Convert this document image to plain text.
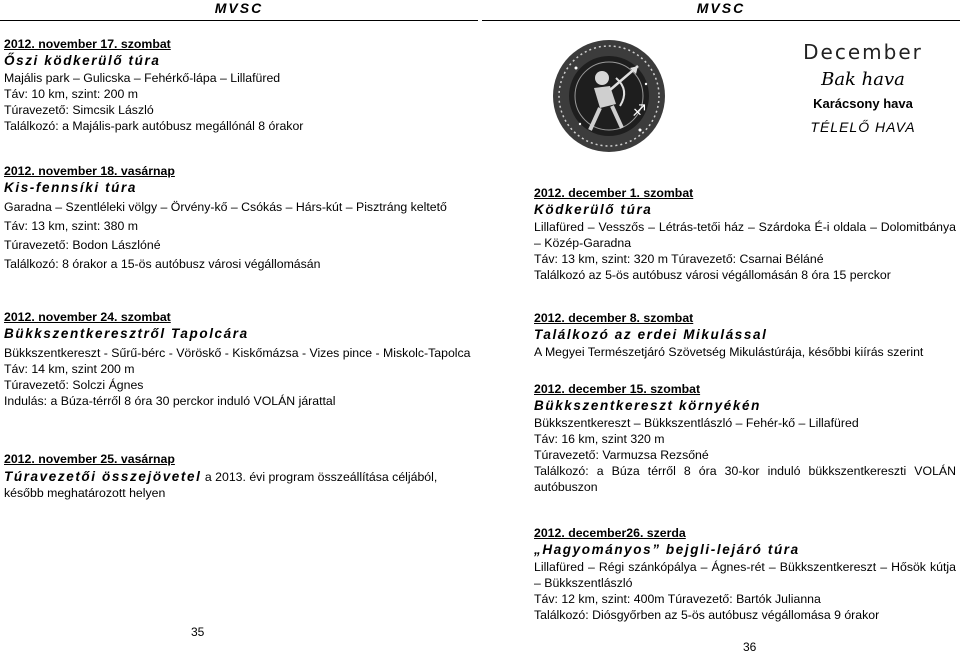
MVSC
2012. november 17. szombat
Őszi ködkerülő túra
Majális park – Gulicska – Fehérkő-lápa – Lillafüred
Táv: 10 km, szint: 200 m
Túravezető: Simcsik László
Találkozó: a Majális-park autóbusz megállónál 8 órakor
2012. november 18. vasárnap
Kis-fennsíki túra
Garadna – Szentléleki völgy – Örvény-kő – Csókás – Hárs-kút – Pisztráng keltető
Táv: 13 km, szint: 380 m
Túravezető: Bodon Lászlóné
Találkozó: 8 órakor a 15-ös autóbusz városi végállomásán
2012. november 24. szombat
Bükkszentkeresztről Tapolcára
Bükkszentkereszt - Sűrű-bérc - Vöröskő - Kiskőmázsa - Vizes pince - Miskolc-Tapolca
Táv: 14 km, szint 200 m
Túravezető: Solczi Ágnes
Indulás: a Búza-térről 8 óra 30 perckor induló VOLÁN járattal
2012. november 25. vasárnap
Túravezetői összejövetel a 2013. évi program összeállítása céljából, később meghatározott helyen
35
MVSC
♐
December
Bak hava
Karácsony hava
TÉLELŐ HAVA
2012. december 1. szombat
Ködkerülő túra
Lillafüred – Vesszős – Létrás-tetői ház – Szárdoka É-i oldala – Dolomitbánya – Közép-Garadna
Táv: 13 km, szint: 320 m Túravezető: Csarnai Béláné
Találkozó az 5-ös autóbusz városi végállomásán 8 óra 15 perckor
2012. december 8. szombat
Találkozó az erdei Mikulással
A Megyei Természetjáró Szövetség Mikulástúrája, későbbi kiírás szerint
2012. december 15. szombat
Bükkszentkereszt környékén
Bükkszentkereszt – Bükkszentlászló – Fehér-kő – Lillafüred
Táv: 16 km, szint 320 m
Túravezető: Varmuzsa Rezsőné
Találkozó: a Búza térről 8 óra 30-kor induló bükkszentkereszti VOLÁN autóbuszon
2012. december26. szerda
„Hagyományos” bejgli-lejáró túra
Lillafüred – Régi szánkópálya – Ágnes-rét – Bükkszentkereszt – Hősök kútja – Bükkszentlászló
Táv: 12 km, szint: 400m Túravezető: Bartók Julianna
Találkozó: Diósgyőrben az 5-ös autóbusz végállomása 9 órakor
36
